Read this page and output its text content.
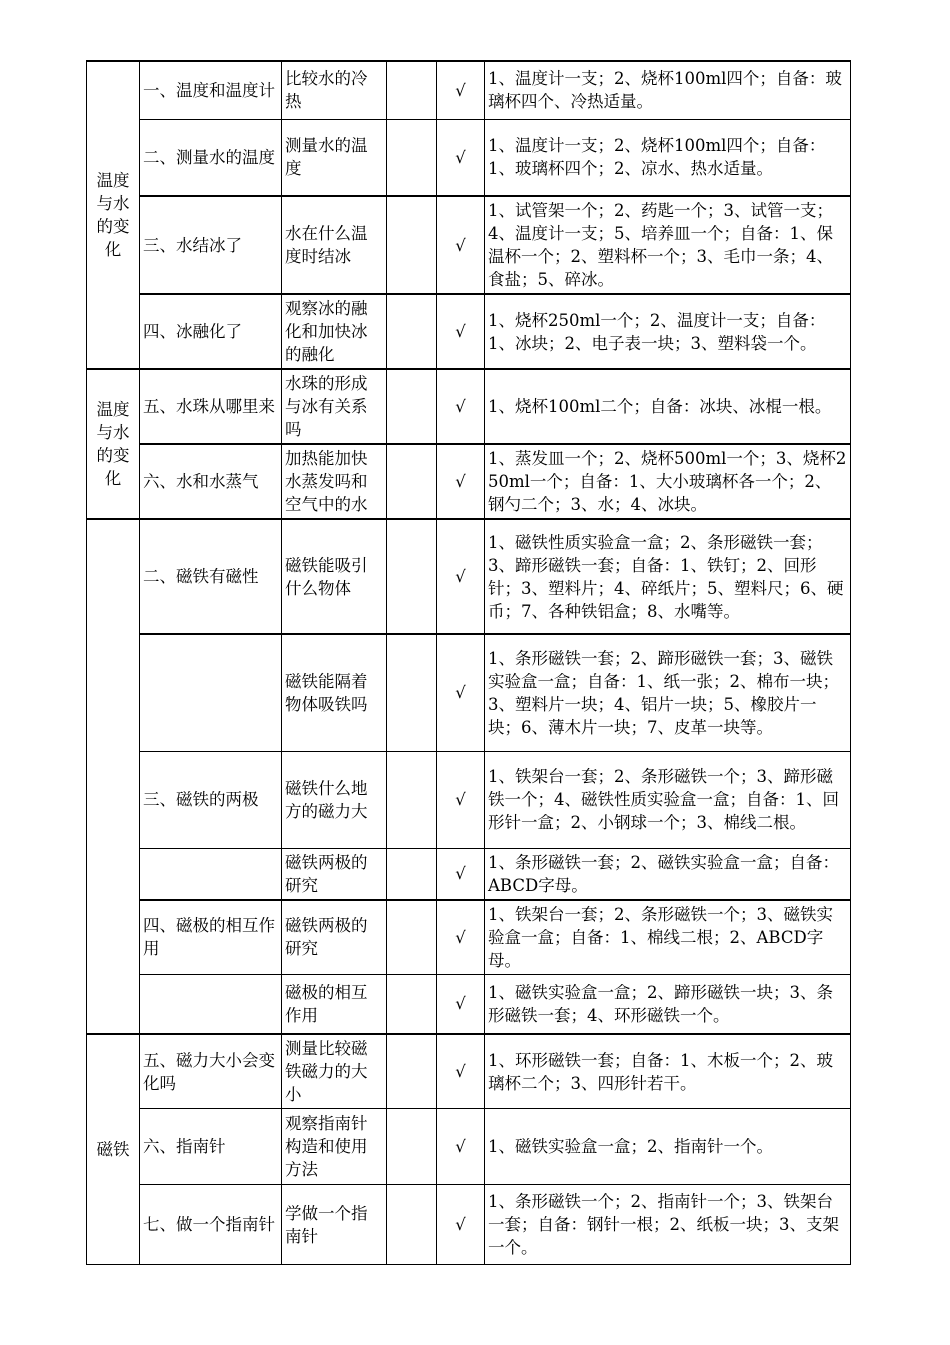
温度与水的变化	一、温度和温度计	比较水的冷热		√	1、温度计一支；2、烧杯100ml四个；自备：玻璃杯四个、冷热适量。
	二、测量水的温度	测量水的温度		√	1、温度计一支；2、烧杯100ml四个；自备：1、玻璃杯四个；2、凉水、热水适量。
	三、水结冰了	水在什么温度时结冰		√	1、试管架一个；2、药匙一个；3、试管一支；4、温度计一支；5、培养皿一个；自备：1、保温杯一个；2、塑料杯一个；3、毛巾一条；4、食盐；5、碎冰。
	四、冰融化了	观察冰的融化和加快冰的融化		√	1、烧杯250ml一个；2、温度计一支；自备：1、冰块；2、电子表一块；3、塑料袋一个。
温度与水的变化	五、水珠从哪里来	水珠的形成与冰有关系吗		√	1、烧杯100ml二个；自备：冰块、冰棍一根。
	六、水和水蒸气	加热能加快水蒸发吗和空气中的水		√	1、蒸发皿一个；2、烧杯500ml一个；3、烧杯250ml一个；自备：1、大小玻璃杯各一个；2、钢勺二个；3、水；4、冰块。
	二、磁铁有磁性	磁铁能吸引什么物体		√	1、磁铁性质实验盒一盒；2、条形磁铁一套；3、蹄形磁铁一套；自备：1、铁钉；2、回形针；3、塑料片；4、碎纸片；5、塑料尺；6、硬币；7、各种铁铝盒；8、水嘴等。
		磁铁能隔着物体吸铁吗		√	1、条形磁铁一套；2、蹄形磁铁一套；3、磁铁实验盒一盒；自备：1、纸一张；2、棉布一块；3、塑料片一块；4、铝片一块；5、橡胶片一块；6、薄木片一块；7、皮革一块等。
	三、磁铁的两极	磁铁什么地方的磁力大		√	1、铁架台一套；2、条形磁铁一个；3、蹄形磁铁一个；4、磁铁性质实验盒一盒；自备：1、回形针一盒；2、小钢球一个；3、棉线二根。
		磁铁两极的研究		√	1、条形磁铁一套；2、磁铁实验盒一盒；自备：ABCD字母。
	四、磁极的相互作用	磁铁两极的研究		√	1、铁架台一套；2、条形磁铁一个；3、磁铁实验盒一盒；自备：1、棉线二根；2、ABCD字母。
		磁极的相互作用		√	1、磁铁实验盒一盒；2、蹄形磁铁一块；3、条形磁铁一套；4、环形磁铁一个。
磁铁	五、磁力大小会变化吗	测量比较磁铁磁力的大小		√	1、环形磁铁一套；自备：1、木板一个；2、玻璃杯二个；3、四形针若干。
	六、指南针	观察指南针构造和使用方法		√	1、磁铁实验盒一盒；2、指南针一个。
	七、做一个指南针	学做一个指南针		√	1、条形磁铁一个；2、指南针一个；3、铁架台一套；自备：钢针一根；2、纸板一块；3、支架一个。
